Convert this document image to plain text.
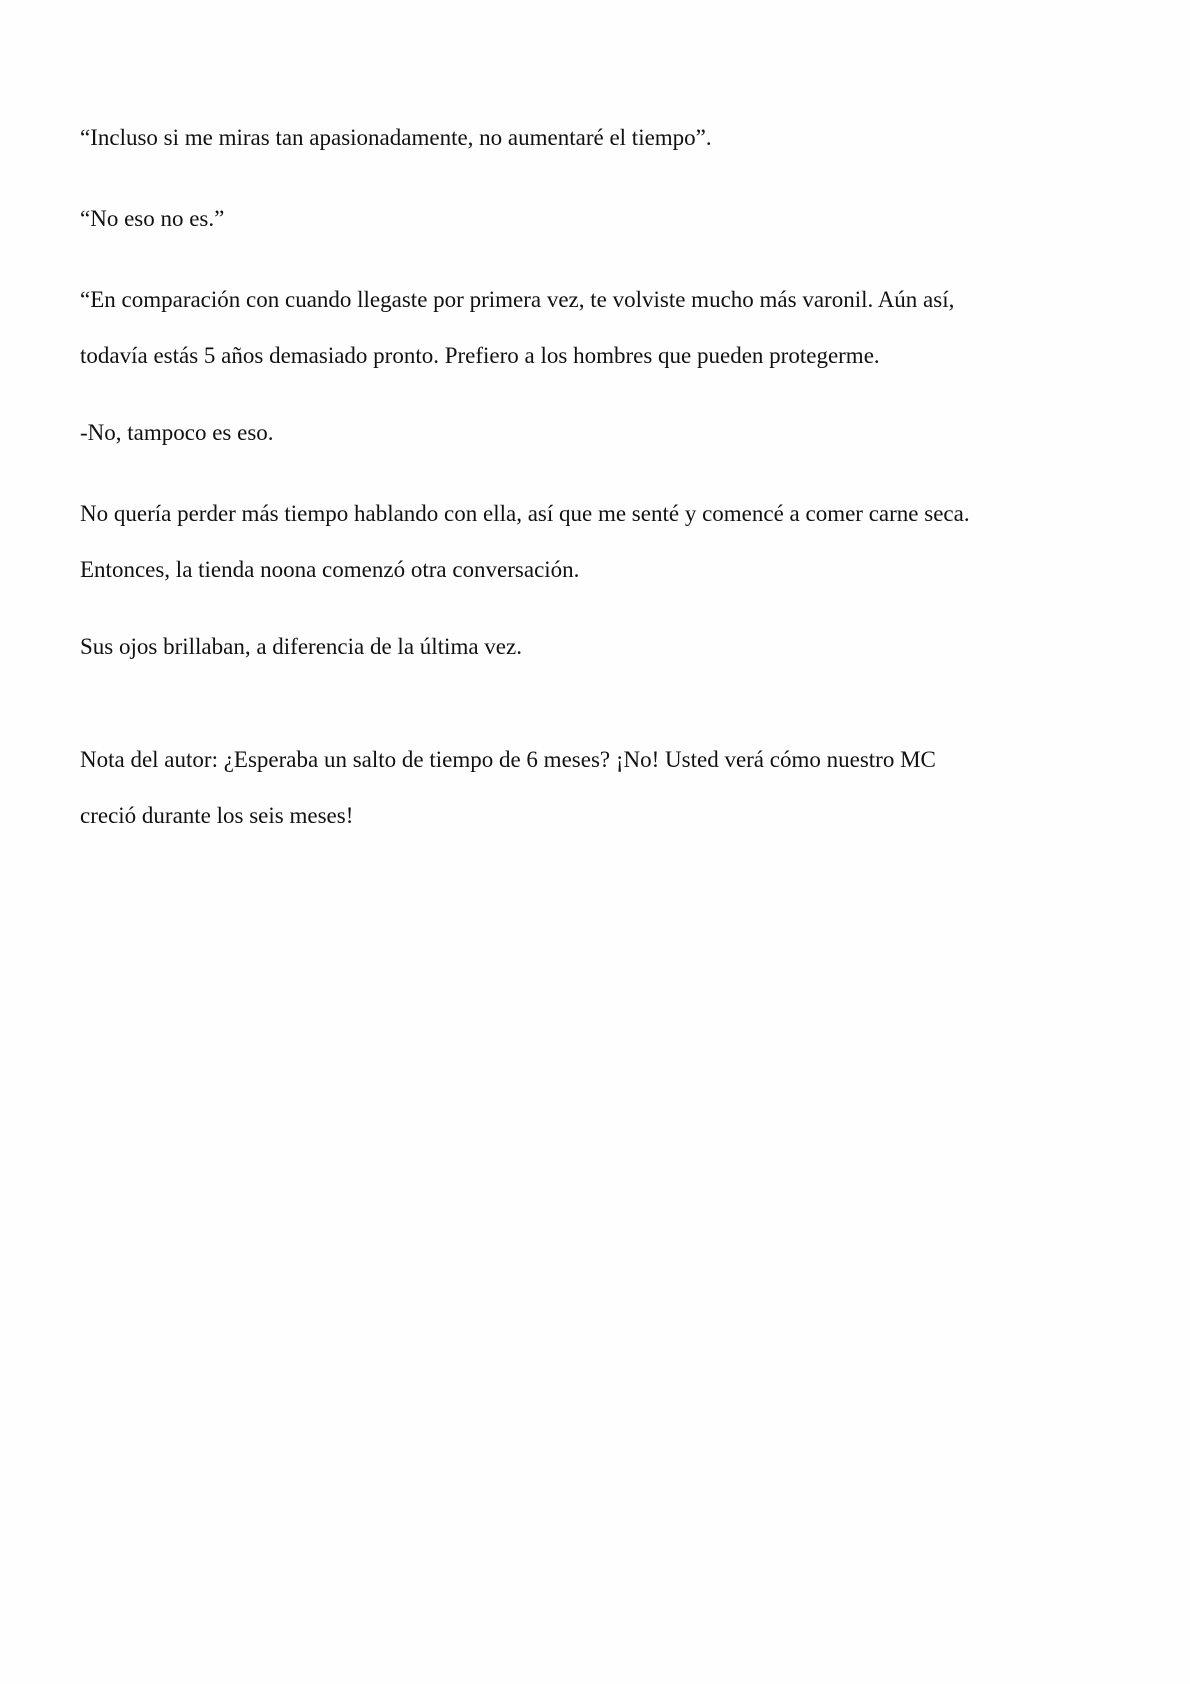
“Incluso si me miras tan apasionadamente, no aumentaré el tiempo”.

“No eso no es.”

“En comparación con cuando llegaste por primera vez, te volviste mucho más varonil. Aún así,
todavía estás 5 años demasiado pronto. Prefiero a los hombres que pueden protegerme.

-No, tampoco es eso.

No quería perder más tiempo hablando con ella, así que me senté y comencé a comer carne seca.
Entonces, la tienda noona comenzó otra conversación.

Sus ojos brillaban, a diferencia de la última vez.

Nota del autor: ¿Esperaba un salto de tiempo de 6 meses? ¡No! Usted verá cómo nuestro MC
creció durante los seis meses!
